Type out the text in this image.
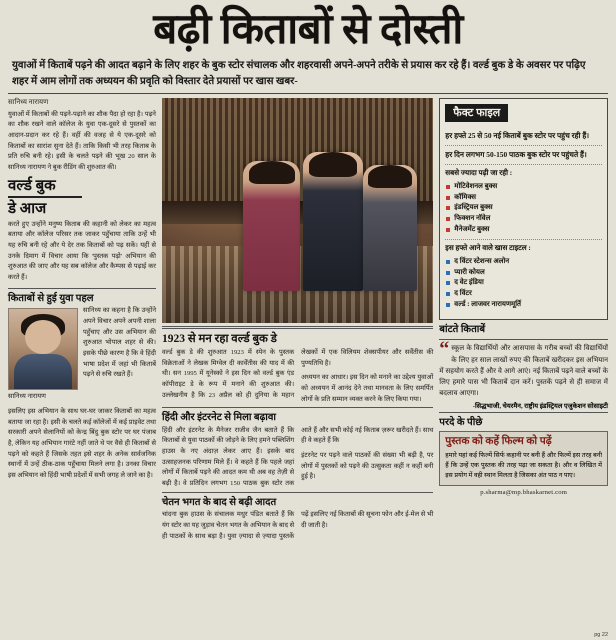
बढ़ी किताबों से दोस्ती
युवाओं में किताबें पढ़ने की आदत बढ़ाने के लिए शहर के बुक स्टोर संचालक और शहरवासी अपने-अपने तरीके से प्रयास कर रहे हैं। वर्ल्ड बुक डे के अवसर पर पढ़िए शहर में आम लोगों तक अध्ययन की प्रवृति को विस्तार देते प्रयासों पर खास खबर-
सानिध्य नारायण

युवाओं में किताबों की पढ़ने-पढ़ाने का शौक पैदा हो रहा है। पढ़ने का शौक रखने वाले कॉलेज के युवा एक-दूसरे से पुस्तकों का आदान-प्रदान कर रहे हैं। वहीं की वजह से ये एक-दूसरे को किताबों का सारांश सुना देते हैं। ताकि किसी भी तरह किताब के प्रति रुचि बनी रहे। इसी के चलते पढ़ने की भूख 20 साल के सानिध्य नारायण ने बुक रीडिंग की शुरुआत की।

वर्ल्ड बुक
डे आज

करते हुए उन्होंने मनुष्य किताब की कहानी को लेकर का महत्व बताया और कॉलेज परिसर तक जाकर पहुँचाया ताकि उन्हें भी यह रुचि बनी रहे और ये देर तक किताबों को पढ़ सकें। यहीं से उनके दिमाग में विचार आया कि 'पुस्तक पढ़ो' अभियान की शुरुआत की जाए और यह सब कॉलेज और कैम्पस से पढ़ाई कर करते हैं।

किताबों से हुई युवा पहल

सानिध्य का कहना है कि उन्होंने अपने विचार अपने अपनी शाला पहुँचाए और उस अभियान की शुरुआत भोपाल शहर से की। इसके पीछे कारण है कि वे हिंदी भाषा प्रदेश में जहां भी किताबें पढ़ने से रुचि रखते हैं।

सानिध्य नारायण

इसलिए इस अभियान के साथ घर-घर जाकर किताबों का महत्व बताया जा रहा है। इसी के चलते कई कॉलेजों में कई प्राइवेट तथा सरकारी अपने सेलानियों को केन्द्र बिंदु बुक स्टोर पर घर पंजाब है, लेकिन यह अभियान गारंटे नहीं जाते थे पर वैसे ही किताबों से पढ़ने को कहते हैं जिसके तहत इसे शहर के अनेक सार्वजनिक स्थानों में उन्हें ठीक-ठाक पहुँचाया मिलने लगा है। उनका विचार इस अभियान को हिंदी भाषी प्रदेशों में सभी जगह ले जाने का है।

1923 से मन रहा वर्ल्ड बुक डे

वर्ल्ड बुक डे की शुरुआत 1923 में स्पेन के पुस्तक विक्रेताओं ने लेखक मिग्वेल दी कार्वेंतीस की याद में की थी। सन 1995 में यूनेस्को ने इस दिन को वर्ल्ड बुक एंड कॉपीराइट डे के रूप में मनाने की शुरुआत की। उल्लेखनीय है कि 23 अप्रैल को ही दुनिया के महान लेखकों में एक विलियम शेक्सपीयर और सर्वेंतीस की पुण्यतिथि है।

अध्ययन का आधार। इस दिन को मनाने का उद्देश्य युवाओं को अध्ययन में आनंद देने तथा मानवता के लिए समर्पित लोगों के प्रति सम्मान व्यक्त करने के लिए किया गया।

हिंदी और इंटरनेट से मिला बढ़ावा

हिंदी और इंटरनेट के मैनेजर राजीव जैन बताते हैं कि किताबों से युवा पाठकों की जोड़ने के लिए हमने पब्लिशिंग हाउस के नए अंदाज़ लेकर आए हैं। इसके बाद उत्साहजनक परिणाम मिले हैं। वे कहते हैं कि पहले जहां लोगों में किताबें पढ़ने की आदत कम थी अब वह तेज़ी से बढ़ी है। वे प्रतिदिन लगभग 150 पाठक बुक स्टोर तक आते हैं और सभी कोई नई किताब ज़रूर खरीदते हैं। साथ ही वे कहते हैं कि

इंटरनेट पर पढ़ने वाले पाठकों की संख्या भी बढ़ी है, पर लोगों में पुस्तकों को पढ़ने की उत्सुकता कहीं न कहीं बनी हुई है।

चेतन भगत के बाद से बढ़ी आदत

चांदना बुक हाउस के संचालक मधुर पंडित बताते हैं कि यंग स्टोर का यह जुड़ाव चेतन भगत के अभियान के बाद से ही पाठकों के साथ बढ़ा है। युवा ज़्यादा से ज़्यादा पुस्तकें पढ़ें इसलिए नई किताबों की सूचना फोन और ई-मेल से भी दी जाती है।

फैक्ट फाइल
हर हफ्ते 25 से 50 नई किताबें बुक स्टोर पर पहुंच रही हैं।
हर दिन लगभग 50-150 पाठक बुक स्टोर पर पहुंचते हैं।
सबसे ज्यादा पढ़ी जा रही :
मोटिवेशनल बुक्स
कॉमिक्स
इंडस्ट्रियल बुक्स
फिक्शन नॉवेल
मैनेजमेंट बुक्स
इस हफ्ते आने वाले खास टाइटल :
द विंटर स्टेशन्स अलोन
प्यारी कोयल
द वेट इंडिया
द विंटर
वर्ल्ड : लाजवर नारायणमूर्ति
बांटते किताबें
“ स्कूल के विद्यार्थियों और आसपास के गरीब बच्चों की विद्यार्थियों के लिए हर साल लाखों रुपए की किताबें खरीदकर इस अभियान में सहयोग करते हैं और वे आगे आएं। नई किताबें पढ़ने वाले बच्चों के लिए हमारे पास भी किताबें दान करें। पुस्तकें पढ़ने से ही समाज में बदलाव आएगा।
-सिद्धभाजी, चेयरमैन, राष्ट्रीय इंडस्ट्रियल एजुकेशन सोसाइटी
परदे के पीछे
पुस्तक को कहें फिल्म को पढ़ें
हमारे यहां कई फिल्में सिर्फ कहानी पर बनी हैं और फिल्में इस तरह बनी हैं कि उन्हें एक पुस्तक की तरह पढ़ा जा सकता है। और व लिखित में इस प्रयोग में वही स्थान मिलता है जिसका अंत पाठ न पाए।
p.sharma@mp.bhaskarnet.com
pg 22
